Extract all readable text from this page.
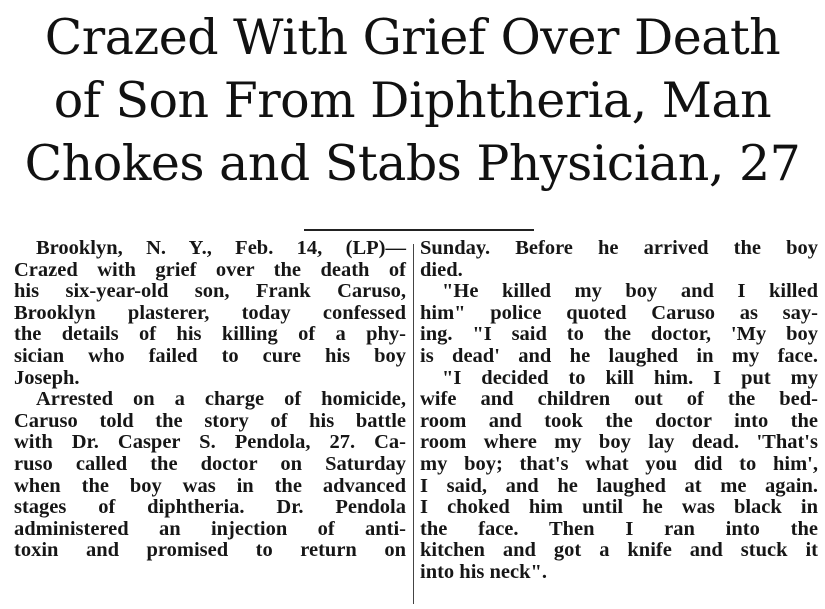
Crazed With Grief Over Death
of Son From Diphtheria, Man
Chokes and Stabs Physician, 27
Brooklyn, N. Y., Feb. 14, (LP)—
Crazed with grief over the death of
his six-year-old son, Frank Caruso,
Brooklyn plasterer, today confessed
the details of his killing of a phy-
sician who failed to cure his boy
Joseph.
Arrested on a charge of homicide,
Caruso told the story of his battle
with Dr. Casper S. Pendola, 27. Ca-
ruso called the doctor on Saturday
when the boy was in the advanced
stages of diphtheria. Dr. Pendola
administered an injection of anti-
toxin and promised to return on
Sunday. Before he arrived the boy
died.
"He killed my boy and I killed
him" police quoted Caruso as say-
ing. "I said to the doctor, 'My boy
is dead' and he laughed in my face.
"I decided to kill him. I put my
wife and children out of the bed-
room and took the doctor into the
room where my boy lay dead. 'That's
my boy; that's what you did to him',
I said, and he laughed at me again.
I choked him until he was black in
the face. Then I ran into the
kitchen and got a knife and stuck it
into his neck".
